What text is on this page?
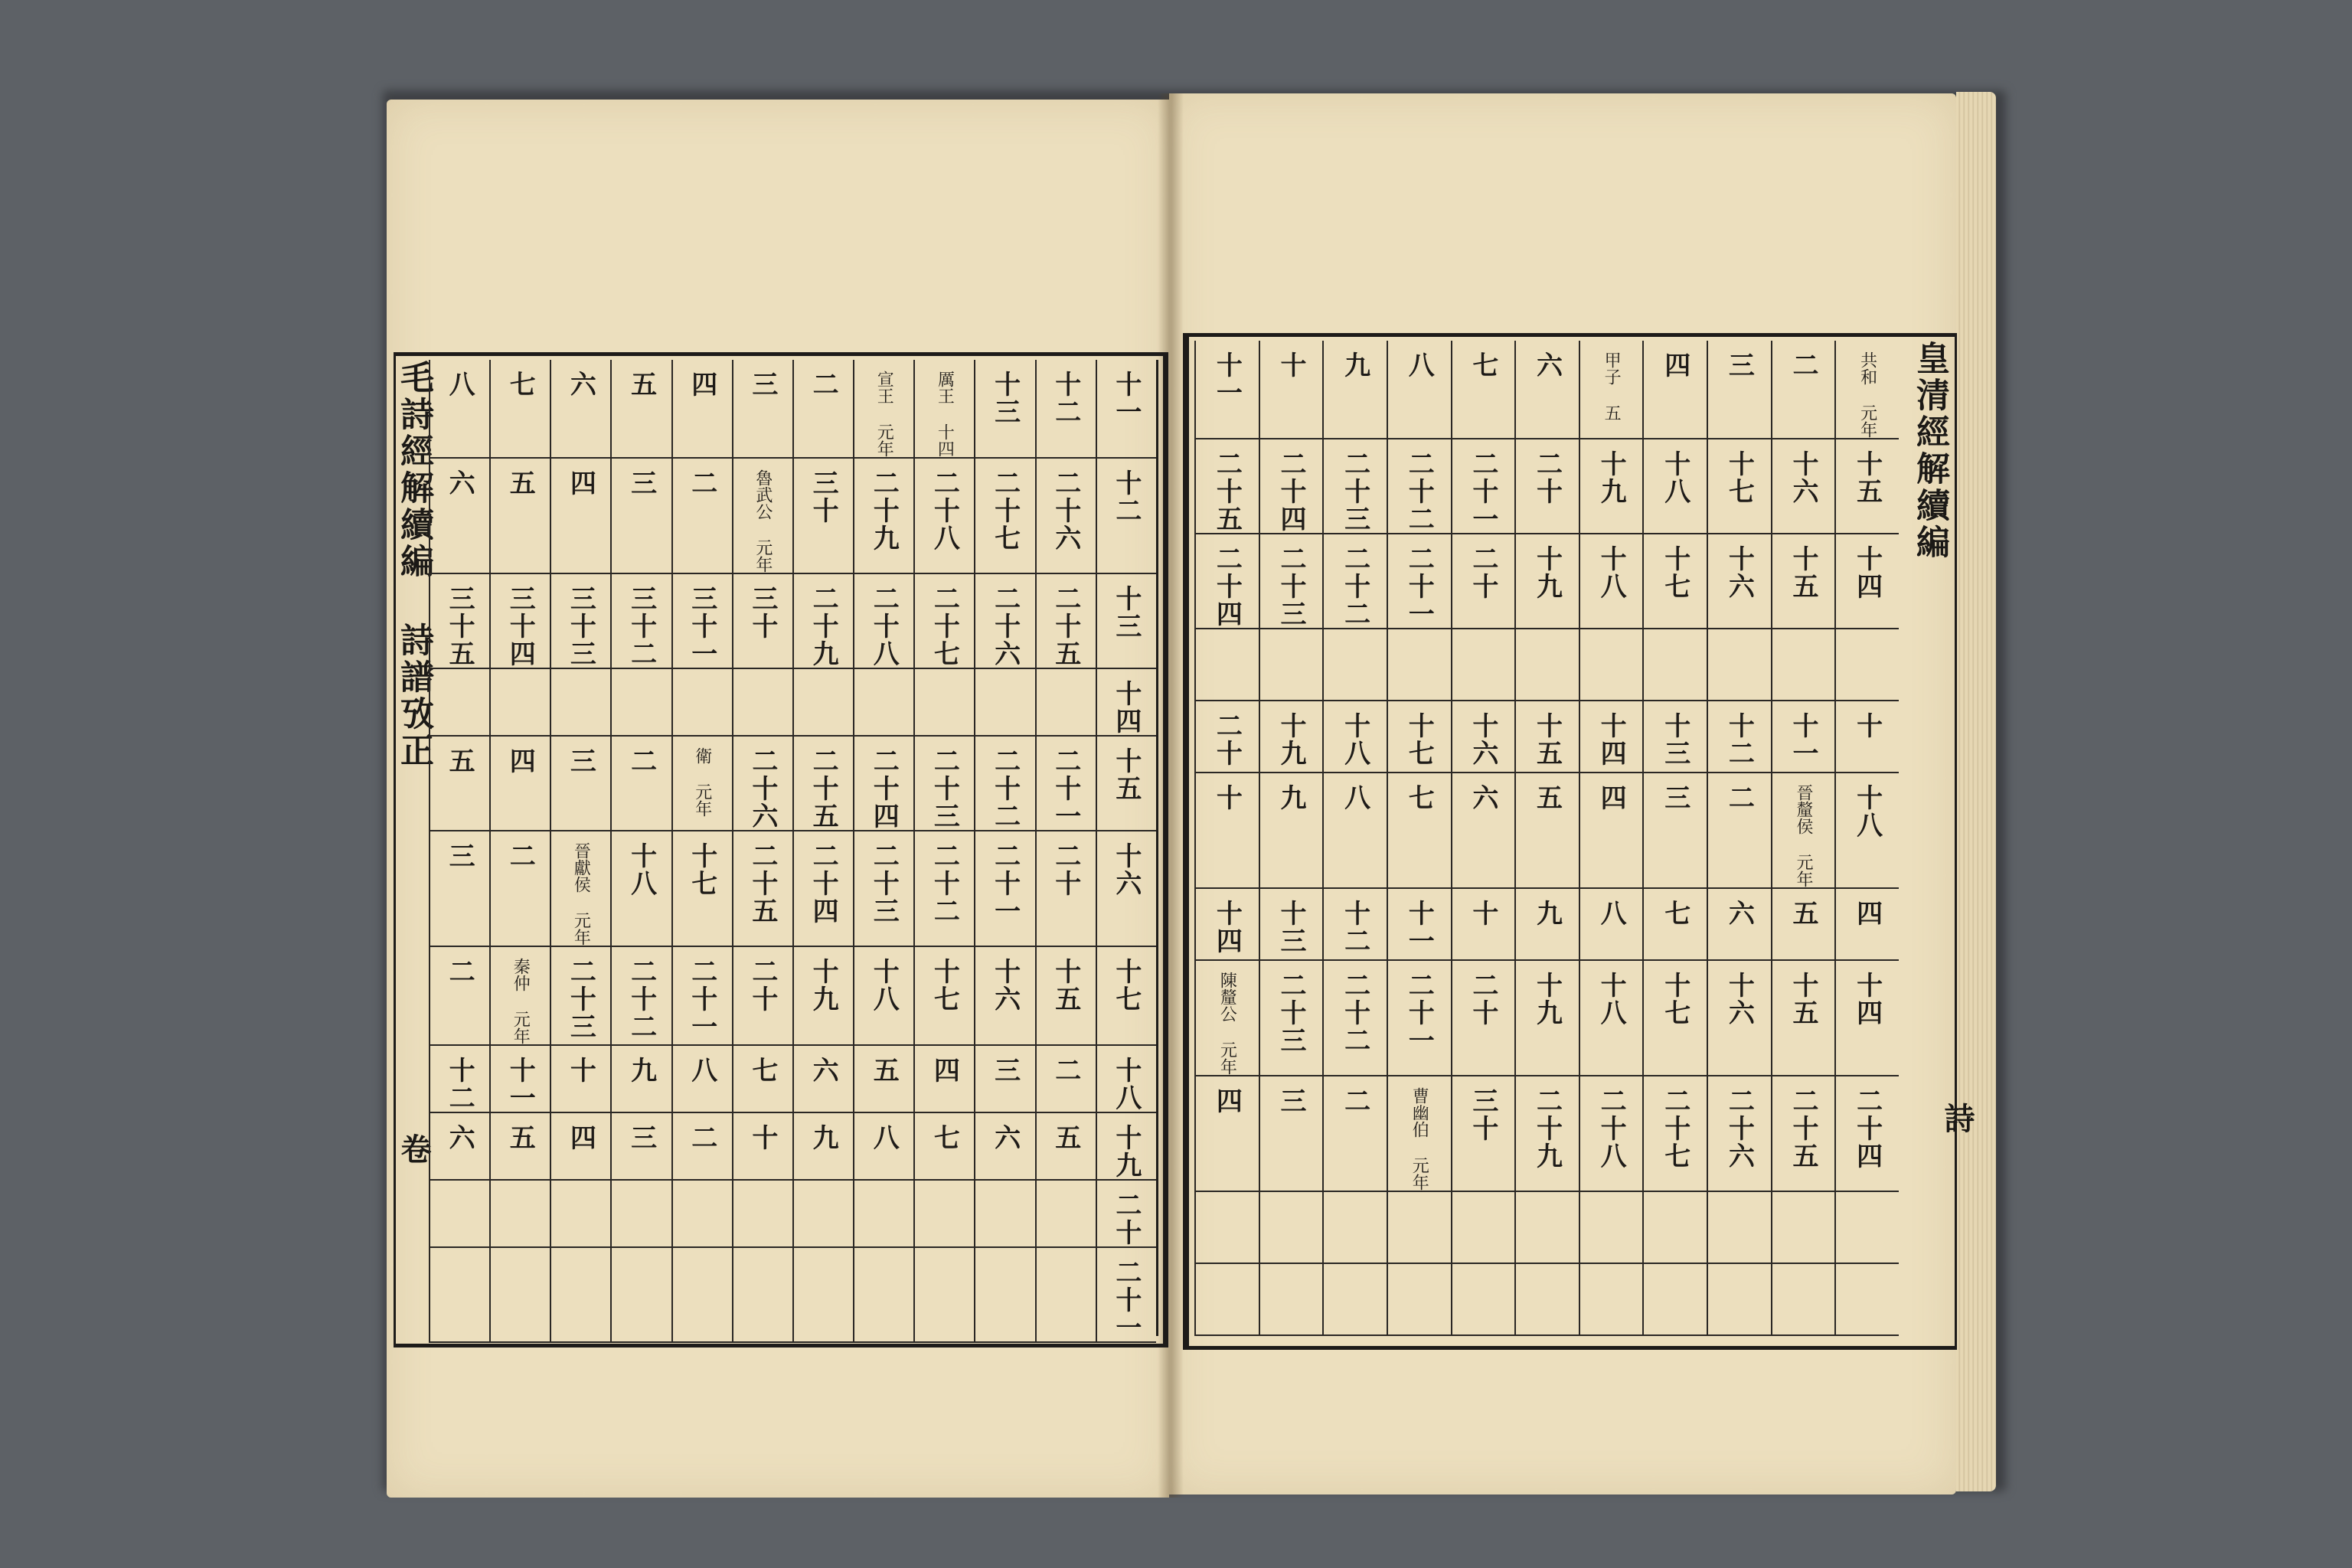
毛詩經解續編 詩譜攷正	皇清經解續編
卷
詩
八 七 六 五 四 三 二 宣王 元年 厲王 十四 十三 十二 十一
六 五 四 三 二 魯武公 元年 三十 二十九 二十八 二十七 二十六 十二
三十五 三十四 三十三 三十二 三十一 三十 二十九 二十八 二十七 二十六 二十五 十三
十四
五 四 三 二 衛 元年 二十六 二十五 二十四 二十三 二十二 二十一 十五
三 二 晉獻侯 元年 十八 十七 二十五 二十四 二十三 二十二 二十一 二十 十六
二 秦仲 元年 二十三 二十二 二十一 二十 十九 十八 十七 十六 十五 十七
十二 十一 十 九 八 七 六 五 四 三 二 十八
六 五 四 三 二 十 九 八 七 六 五 十九
二十
二十一
十一 十 九 八 七 六 甲子 五 四 三 二 共和 元年
二十五 二十四 二十三 二十二 二十一 二十 十九 十八 十七 十六 十五
二十四 二十三 二十二 二十一 二十 十九 十八 十七 十六 十五 十四
二十 十九 十八 十七 十六 十五 十四 十三 十二 十一 十
十 九 八 七 六 五 四 三 二 晉釐侯 元年 十八
十四 十三 十二 十一 十 九 八 七 六 五 四
陳釐公 元年 二十三 二十二 二十一 二十 十九 十八 十七 十六 十五 十四
四 三 二 曹幽伯 元年 三十 二十九 二十八 二十七 二十六 二十五 二十四
